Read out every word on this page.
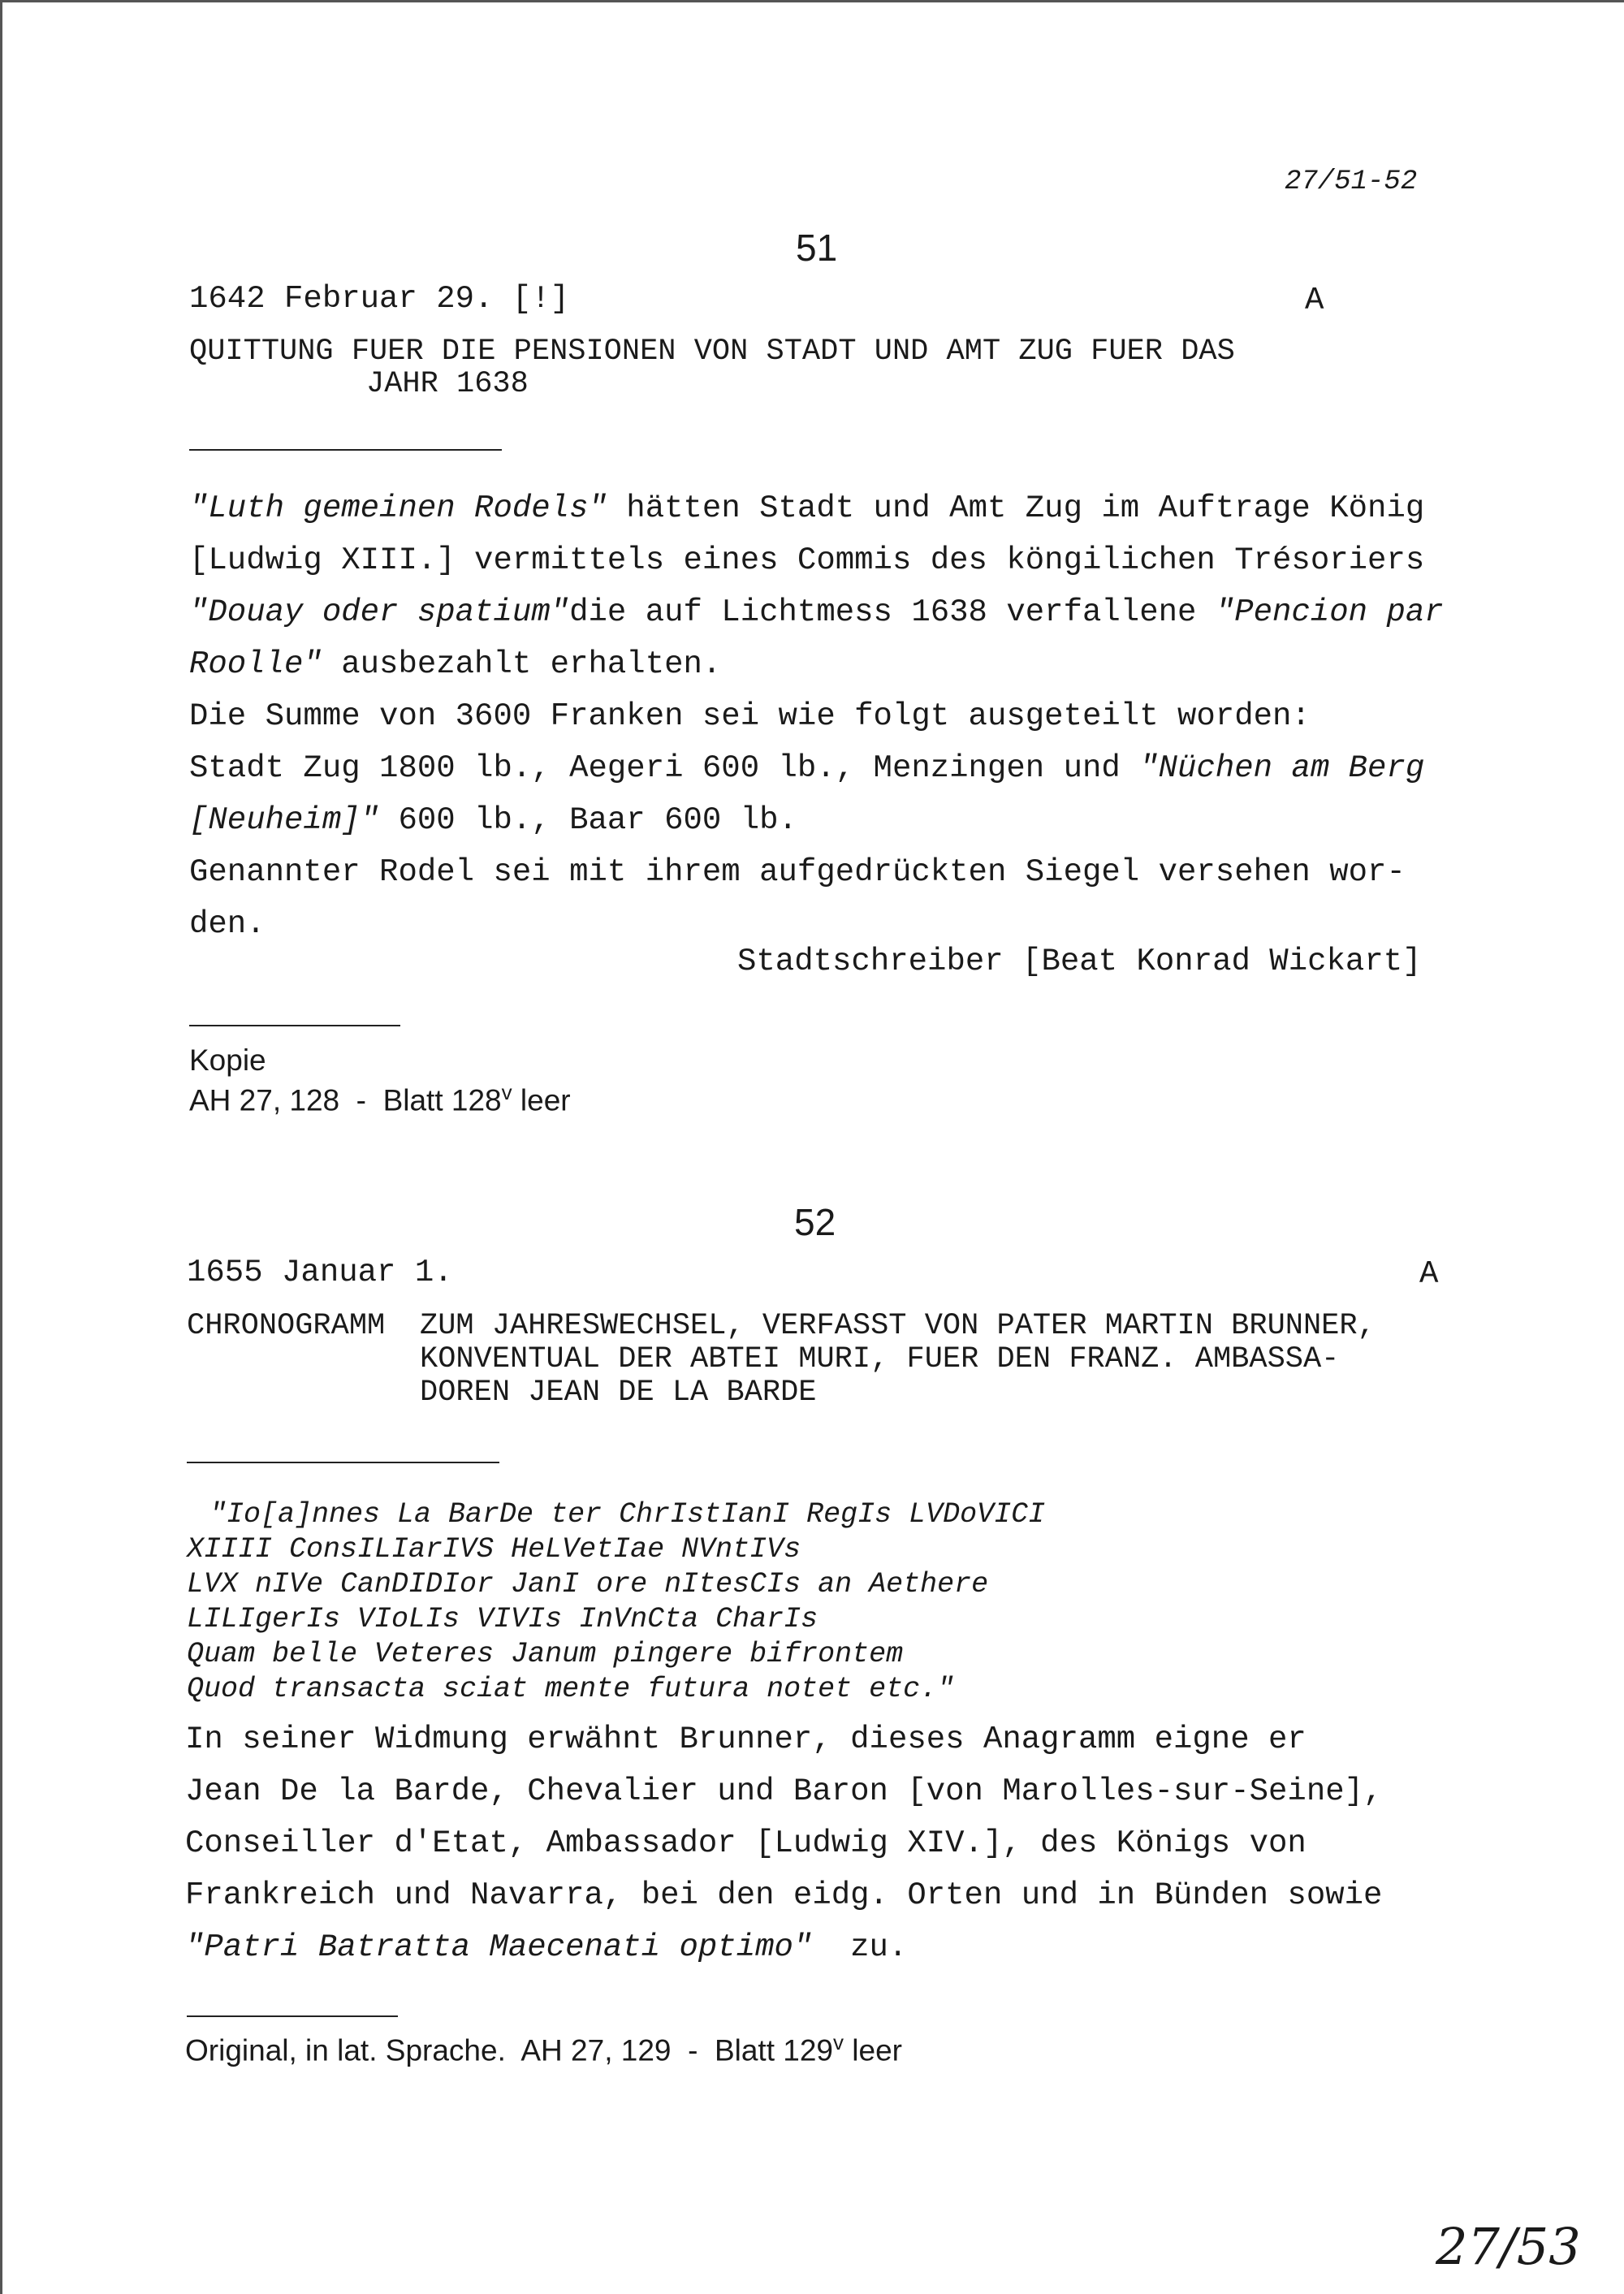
27/51-52
51
1642 Februar 29. [!]	A
QUITTUNG FUER DIE PENSIONEN VON STADT UND AMT ZUG FUER DAS
JAHR 1638
"Luth gemeinen Rodels" hätten Stadt und Amt Zug im Auftrage König
[Ludwig XIII.] vermittels eines Commis des köngilichen Trésoriers
"Douay oder spatium"die auf Lichtmess 1638 verfallene "Pencion par
Roolle" ausbezahlt erhalten.
Die Summe von 3600 Franken sei wie folgt ausgeteilt worden:
Stadt Zug 1800 lb., Aegeri 600 lb., Menzingen und "Nüchen am Berg
[Neuheim]" 600 lb., Baar 600 lb.
Genannter Rodel sei mit ihrem aufgedrückten Siegel versehen wor-
den.
Stadtschreiber [Beat Konrad Wickart]
Kopie
AH 27, 128  -  Blatt 128$^v$ leer
52
1655 Januar 1.	A
CHRONOGRAMM ZUM JAHRESWECHSEL, VERFASST VON PATER MARTIN BRUNNER,
KONVENTUAL DER ABTEI MURI, FUER DEN FRANZ. AMBASSA-
DOREN JEAN DE LA BARDE
"Io[a]nnes La BarDe ter ChrIstIanI RegIs LVDoVICI
XIIII ConsILIarIVS HeLVetIae NVntIVs
LVX nIVe CanDIDIor JanI ore nItesCIs an Aethere
LILIgerIs VIoLIs VIVIs InVnCta CharIs
Quam belle Veteres Janum pingere bifrontem
Quod transacta sciat mente futura notet etc."
In seiner Widmung erwähnt Brunner, dieses Anagramm eigne er
Jean De la Barde, Chevalier und Baron [von Marolles-sur-Seine],
Conseiller d'Etat, Ambassador [Ludwig XIV.], des Königs von
Frankreich und Navarra, bei den eidg. Orten und in Bünden sowie
"Patri Batratta Maecenati optimo"  zu.
Original, in lat. Sprache.  AH 27, 129  -  Blatt 129$^v$ leer
27/53
